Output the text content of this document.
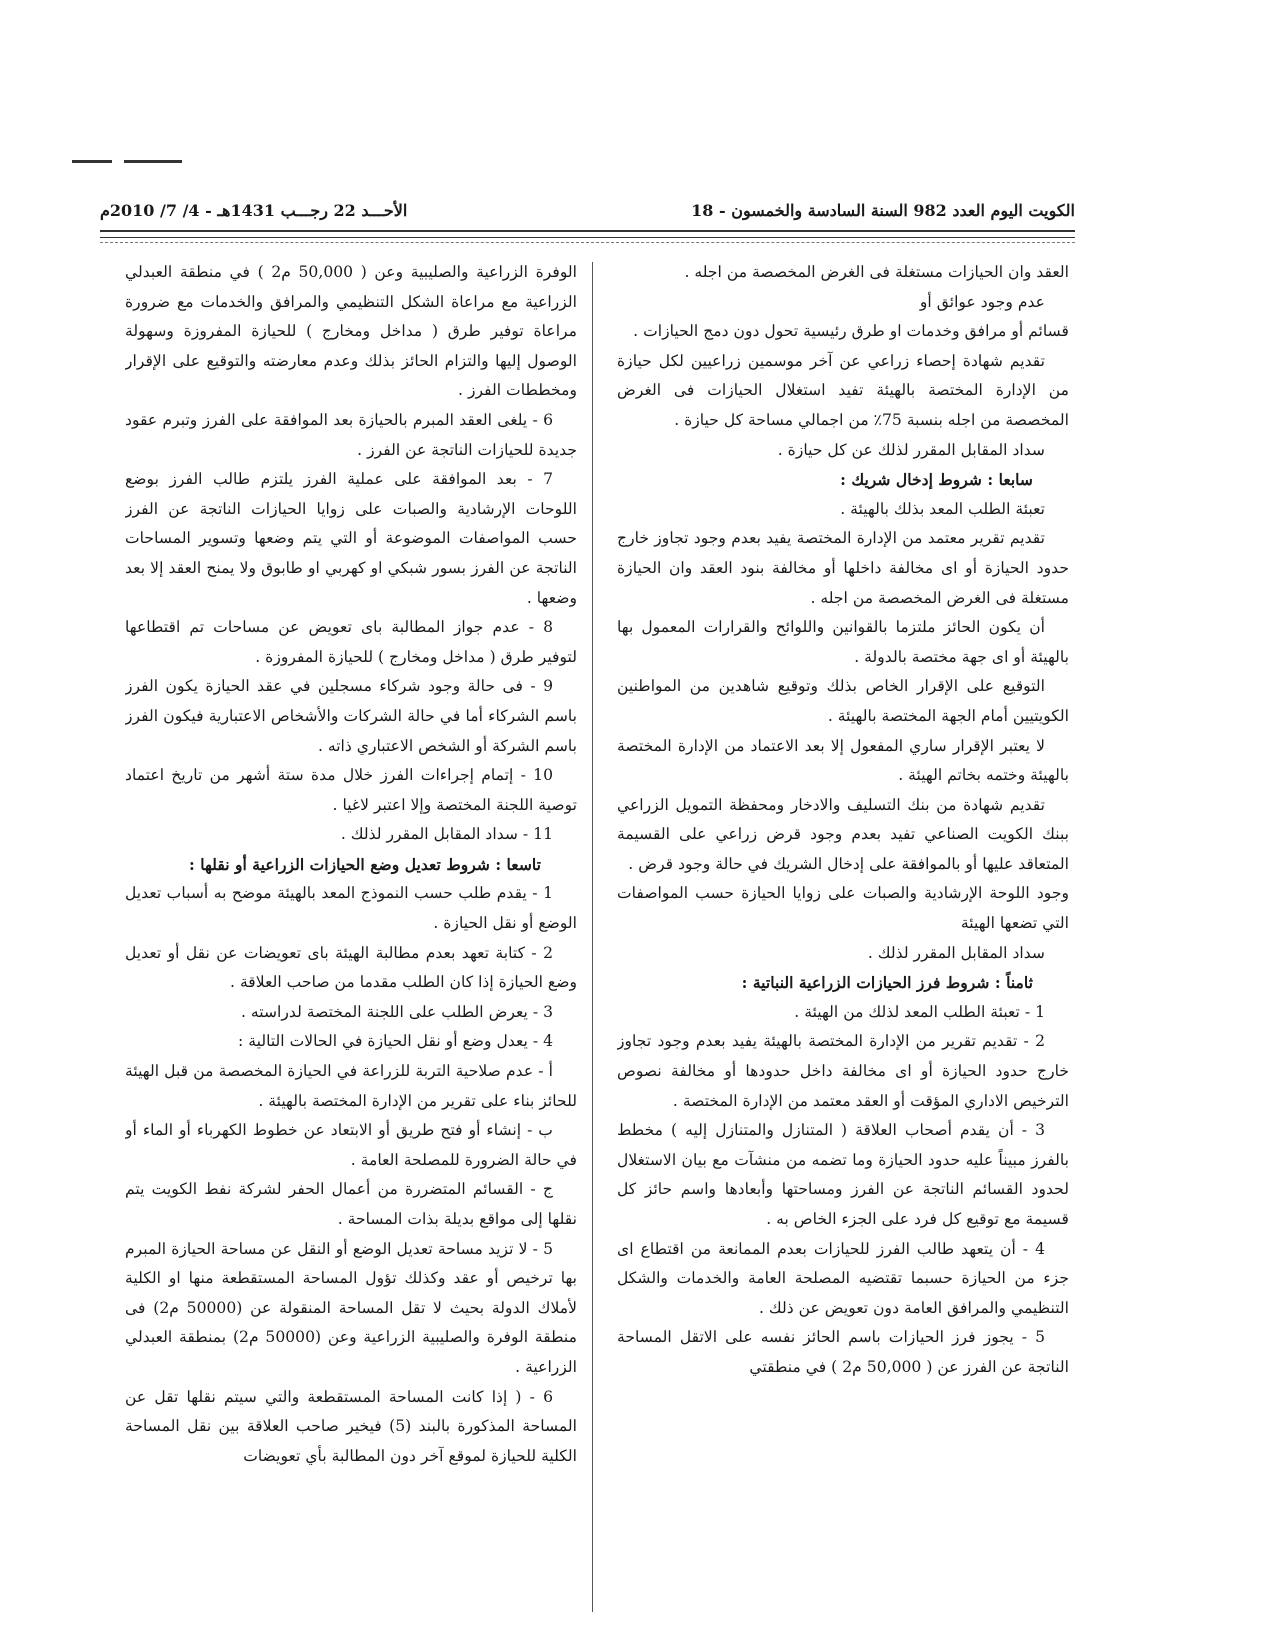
الكويت اليوم العدد 982 السنة السادسة والخمسون - 18
الأحـــد 22 رجـــب 1431هـ - 4/ 7/ 2010م

العقد وان الحيازات مستغلة فى الغرض المخصصة من اجله .

عدم وجود عوائق أو

قسائم أو مرافق وخدمات او طرق رئيسية تحول دون دمج الحيازات .

تقديم شهادة إحصاء زراعي عن آخر موسمين زراعيين لكل حيازة من الإدارة المختصة بالهيئة تفيد استغلال الحيازات فى الغرض المخصصة من اجله بنسبة 75٪ من اجمالي مساحة كل حيازة .

سداد المقابل المقرر لذلك عن كل حيازة .

سابعا : شروط إدخال شريك :

تعبئة الطلب المعد بذلك بالهيئة .

تقديم تقرير معتمد من الإدارة المختصة يفيد بعدم وجود تجاوز خارج حدود الحيازة أو اى مخالفة داخلها أو مخالفة بنود العقد وان الحيازة مستغلة فى الغرض المخصصة من اجله .

أن يكون الحائز ملتزما بالقوانين واللوائح والقرارات المعمول بها بالهيئة أو اى جهة مختصة بالدولة .

التوقيع على الإقرار الخاص بذلك وتوقيع شاهدين من المواطنين الكويتيين أمام الجهة المختصة بالهيئة .

لا يعتبر الإقرار ساري المفعول إلا بعد الاعتماد من الإدارة المختصة بالهيئة وختمه بخاتم الهيئة .

تقديم شهادة من بنك التسليف والادخار ومحفظة التمويل الزراعي ببنك الكويت الصناعي تفيد بعدم وجود قرض زراعي على القسيمة المتعاقد عليها أو بالموافقة على إدخال الشريك في حالة وجود قرض .

وجود اللوحة الإرشادية والصبات على زوايا الحيازة حسب المواصفات التي تضعها الهيئة

سداد المقابل المقرر لذلك .

ثامناً : شروط فرز الحيازات الزراعية النباتية :

1 - تعبئة الطلب المعد لذلك من الهيئة .

2 - تقديم تقرير من الإدارة المختصة بالهيئة يفيد بعدم وجود تجاوز خارج حدود الحيازة أو اى مخالفة داخل حدودها أو مخالفة نصوص الترخيص الاداري المؤقت أو العقد معتمد من الإدارة المختصة .

3 - أن يقدم أصحاب العلاقة ( المتنازل والمتنازل إليه ) مخطط بالفرز مبيناً عليه حدود الحيازة وما تضمه من منشآت مع بيان الاستغلال لحدود القسائم الناتجة عن الفرز ومساحتها وأبعادها واسم حائز كل قسيمة مع توقيع كل فرد على الجزء الخاص به .

4 - أن يتعهد طالب الفرز للحيازات بعدم الممانعة من اقتطاع اى جزء من الحيازة حسبما تقتضيه المصلحة العامة والخدمات والشكل التنظيمي والمرافق العامة دون تعويض عن ذلك .

5 - يجوز فرز الحيازات باسم الحائز نفسه على الاتقل المساحة الناتجة عن الفرز عن ( 50,000 م2 ) في منطقتي

الوفرة الزراعية والصليبية وعن ( 50,000 م2 ) في منطقة العبدلي الزراعية مع مراعاة الشكل التنظيمي والمرافق والخدمات مع ضرورة مراعاة توفير طرق ( مداخل ومخارج ) للحيازة المفروزة وسهولة الوصول إليها والتزام الحائز بذلك وعدم معارضته والتوقيع على الإقرار ومخططات الفرز .

6 - يلغى العقد المبرم بالحيازة بعد الموافقة على الفرز وتبرم عقود جديدة للحيازات الناتجة عن الفرز .

7 - بعد الموافقة على عملية الفرز يلتزم طالب الفرز بوضع اللوحات الإرشادية والصبات على زوايا الحيازات الناتجة عن الفرز حسب المواصفات الموضوعة أو التي يتم وضعها وتسوير المساحات الناتجة عن الفرز بسور شبكي او كهربي او طابوق ولا يمنح العقد إلا بعد وضعها .

8 - عدم جواز المطالبة باى تعويض عن مساحات تم اقتطاعها لتوفير طرق ( مداخل ومخارج ) للحيازة المفروزة .

9 - فى حالة وجود شركاء مسجلين في عقد الحيازة يكون الفرز باسم الشركاء أما في حالة الشركات والأشخاص الاعتبارية فيكون الفرز باسم الشركة أو الشخص الاعتباري ذاته .

10 - إتمام إجراءات الفرز خلال مدة ستة أشهر من تاريخ اعتماد توصية اللجنة المختصة وإلا اعتبر لاغيا .

11 - سداد المقابل المقرر لذلك .

تاسعا : شروط تعديل وضع الحيازات الزراعية أو نقلها :

1 - يقدم طلب حسب النموذج المعد بالهيئة موضح به أسباب تعديل الوضع أو نقل الحيازة .

2 - كتابة تعهد بعدم مطالبة الهيئة باى تعويضات عن نقل أو تعديل وضع الحيازة إذا كان الطلب مقدما من صاحب العلاقة .

3 - يعرض الطلب على اللجنة المختصة لدراسته .

4 - يعدل وضع أو نقل الحيازة في الحالات التالية :

أ - عدم صلاحية التربة للزراعة في الحيازة المخصصة من قبل الهيئة للحائز بناء على تقرير من الإدارة المختصة بالهيئة .

ب - إنشاء أو فتح طريق أو الابتعاد عن خطوط الكهرباء أو الماء أو في حالة الضرورة للمصلحة العامة .

ج - القسائم المتضررة من أعمال الحفر لشركة نفط الكويت يتم نقلها إلى مواقع بديلة بذات المساحة .

5 - لا تزيد مساحة تعديل الوضع أو النقل عن مساحة الحيازة المبرم بها ترخيص أو عقد وكذلك تؤول المساحة المستقطعة منها او الكلية لأملاك الدولة بحيث لا تقل المساحة المنقولة عن (50000 م2) فى منطقة الوفرة والصليبية الزراعية وعن (50000 م2) بمنطقة العبدلي الزراعية .

6 - ( إذا كانت المساحة المستقطعة والتي سيتم نقلها تقل عن المساحة المذكورة بالبند (5) فيخير صاحب العلاقة بين نقل المساحة الكلية للحيازة لموقع آخر دون المطالبة بأي تعويضات
